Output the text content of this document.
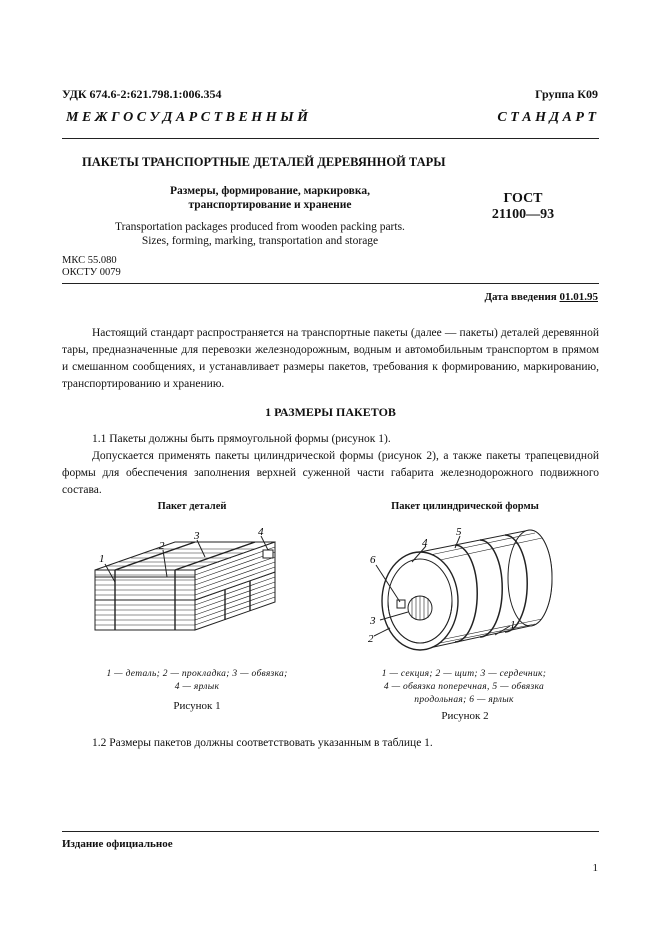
УДК 674.6-2:621.798.1:006.354	Группа К09
М Е Ж Г О С У Д А Р С Т В Е Н Н Ы Й	С Т А Н Д А Р Т
ПАКЕТЫ ТРАНСПОРТНЫЕ ДЕТАЛЕЙ ДЕРЕВЯННОЙ ТАРЫ
Размеры, формирование, маркировка,
транспортирование и хранение
Transportation packages produced from wooden packing parts.
Sizes, forming, marking, transportation and storage
ГОСТ
21100—93
МКС 55.080
ОКСТУ 0079
Дата введения 01.01.95
Настоящий стандарт распространяется на транспортные пакеты (далее — пакеты) деталей деревянной тары, предназначенные для перевозки железнодорожным, водным и автомобильным транспортом в прямом и смешанном сообщениях, и устанавливает размеры пакетов, требования к формированию, маркированию, транспортированию и хранению.
1 РАЗМЕРЫ ПАКЕТОВ
1.1 Пакеты должны быть прямоугольной формы (рисунок 1).
Допускается применять пакеты цилиндрической формы (рисунок 2), а также пакеты трапецевидной формы для обеспечения заполнения верхней суженной части габарита железнодорожного подвижного состава.
Пакет деталей
1
2
3	4
1 — деталь; 2 — прокладка; 3 — обвязка;
4 — ярлык
Рисунок 1
Пакет цилиндрической формы
6
4
5
3
2
1
1 — секция; 2 — щит; 3 — сердечник;
4 — обвязка поперечная, 5 — обвязка
продольная; 6 — ярлык
Рисунок 2
1.2 Размеры пакетов должны соответствовать указанным в таблице 1.
Издание официальное
1
